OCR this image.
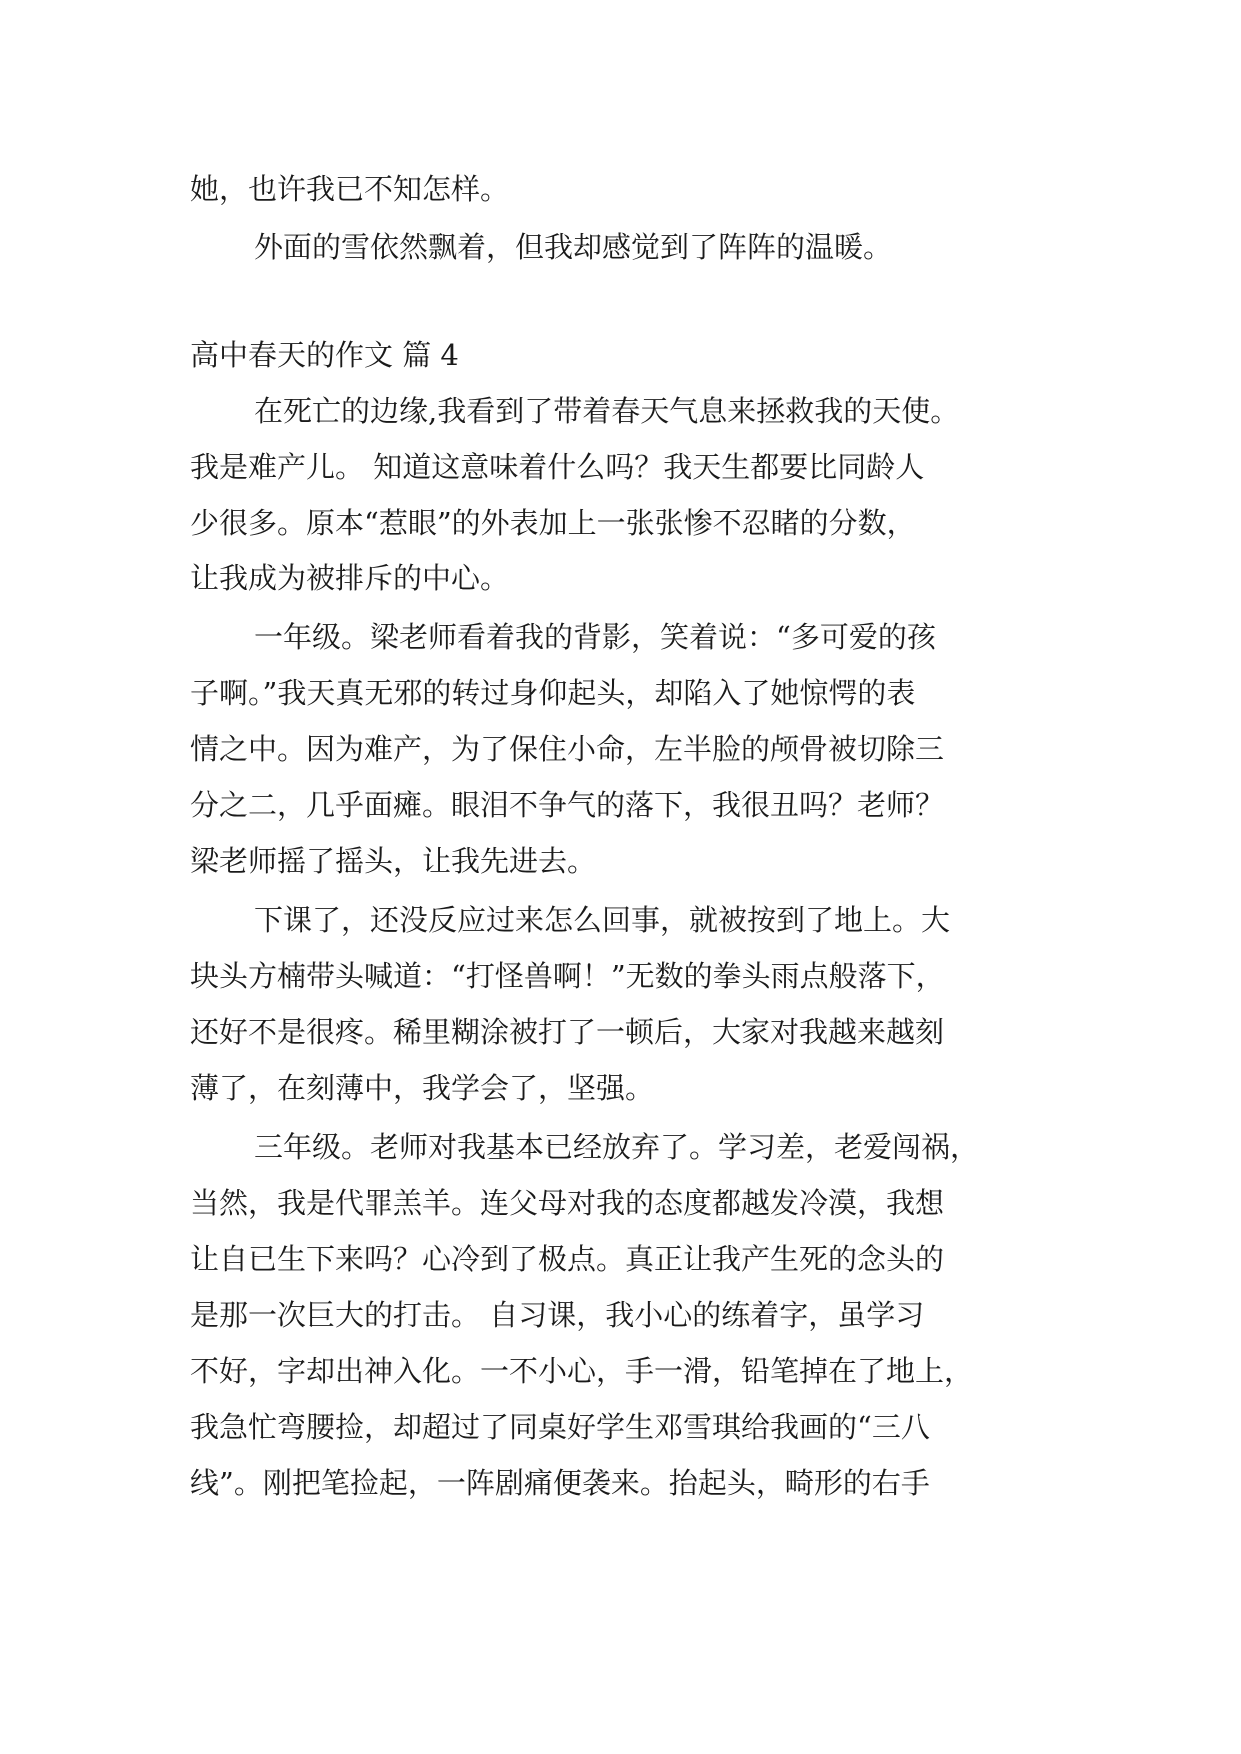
她，也许我已不知怎样。

外面的雪依然飘着，但我却感觉到了阵阵的温暖。

高中春天的作文 篇 4

在死亡的边缘,我看到了带着春天气息来拯救我的天使。

我是难产儿。 知道这意味着什么吗？我天生都要比同龄人

少很多。原本“惹眼”的外表加上一张张惨不忍睹的分数，

让我成为被排斥的中心。

一年级。梁老师看着我的背影，笑着说：“多可爱的孩

子啊。”我天真无邪的转过身仰起头，却陷入了她惊愕的表

情之中。因为难产，为了保住小命，左半脸的颅骨被切除三

分之二，几乎面瘫。眼泪不争气的落下，我很丑吗？老师？

梁老师摇了摇头，让我先进去。

下课了，还没反应过来怎么回事，就被按到了地上。大

块头方楠带头喊道：“打怪兽啊！”无数的拳头雨点般落下，

还好不是很疼。稀里糊涂被打了一顿后，大家对我越来越刻

薄了，在刻薄中，我学会了，坚强。

三年级。老师对我基本已经放弃了。学习差，老爱闯祸，

当然，我是代罪羔羊。连父母对我的态度都越发冷漠，我想

让自已生下来吗？心冷到了极点。真正让我产生死的念头的

是那一次巨大的打击。 自习课，我小心的练着字，虽学习

不好，字却出神入化。一不小心，手一滑，铅笔掉在了地上，

我急忙弯腰捡，却超过了同桌好学生邓雪琪给我画的“三八

线”。刚把笔捡起，一阵剧痛便袭来。抬起头，畸形的右手
